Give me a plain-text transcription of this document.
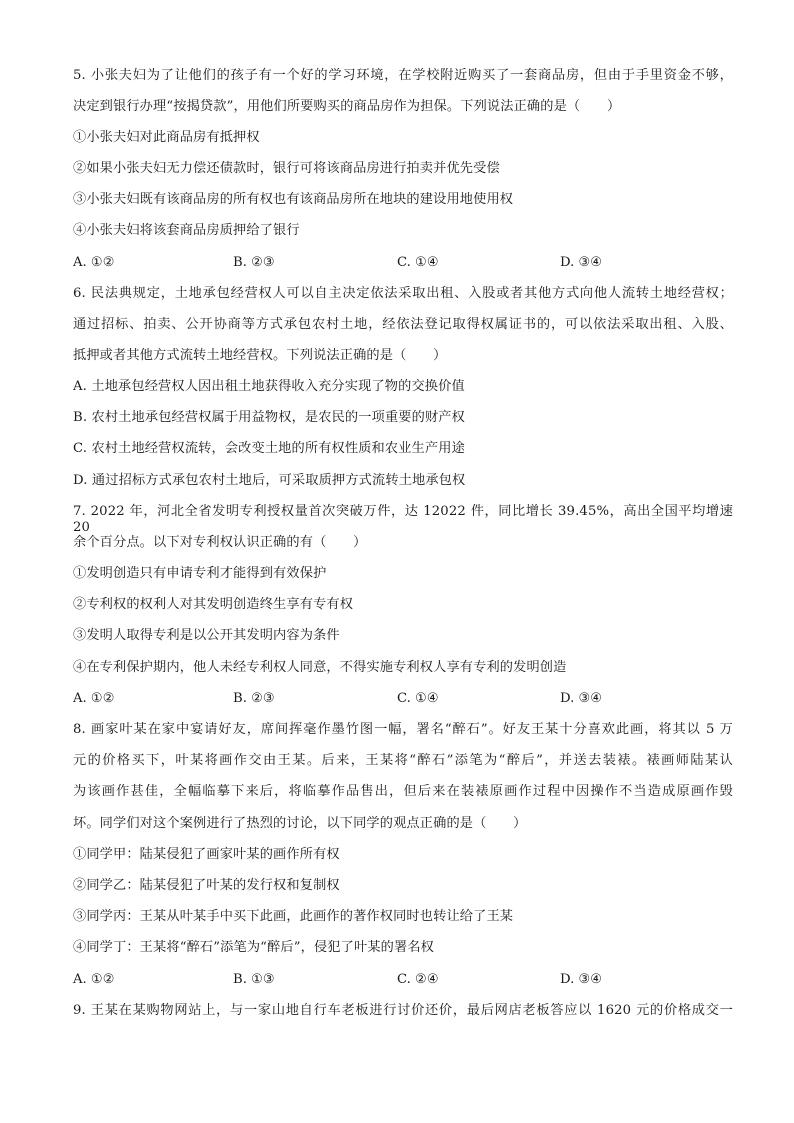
5. 小张夫妇为了让他们的孩子有一个好的学习环境，在学校附近购买了一套商品房，但由于手里资金不够，
决定到银行办理“按揭贷款”，用他们所要购买的商品房作为担保。下列说法正确的是（　　）
①小张夫妇对此商品房有抵押权
②如果小张夫妇无力偿还债款时，银行可将该商品房进行拍卖并优先受偿
③小张夫妇既有该商品房的所有权也有该商品房所在地块的建设用地使用权
④小张夫妇将该套商品房质押给了银行
A. ①②	B. ②③	C. ①④	D. ③④
6. 民法典规定，土地承包经营权人可以自主决定依法采取出租、入股或者其他方式向他人流转土地经营权；
通过招标、拍卖、公开协商等方式承包农村土地，经依法登记取得权属证书的，可以依法采取出租、入股、
抵押或者其他方式流转土地经营权。下列说法正确的是（　　）
A. 土地承包经营权人因出租土地获得收入充分实现了物的交换价值
B. 农村土地承包经营权属于用益物权，是农民的一项重要的财产权
C. 农村土地经营权流转，会改变土地的所有权性质和农业生产用途
D. 通过招标方式承包农村土地后，可采取质押方式流转土地承包权
7. 2022 年，河北全省发明专利授权量首次突破万件，达 12022 件，同比增长 39.45%，高出全国平均增速 20
余个百分点。以下对专利权认识正确的有（　　）
①发明创造只有申请专利才能得到有效保护
②专利权的权利人对其发明创造终生享有专有权
③发明人取得专利是以公开其发明内容为条件
④在专利保护期内，他人未经专利权人同意，不得实施专利权人享有专利的发明创造
A. ①②	B. ②③	C. ①④	D. ③④
8. 画家叶某在家中宴请好友，席间挥毫作墨竹图一幅，署名“醉石”。好友王某十分喜欢此画，将其以 5 万
元的价格买下，叶某将画作交由王某。后来，王某将“醉石”添笔为“醉后”，并送去装裱。裱画师陆某认
为该画作甚佳，全幅临摹下来后，将临摹作品售出，但后来在装裱原画作过程中因操作不当造成原画作毁
坏。同学们对这个案例进行了热烈的讨论，以下同学的观点正确的是（　　）
①同学甲：陆某侵犯了画家叶某的画作所有权
②同学乙：陆某侵犯了叶某的发行权和复制权
③同学丙：王某从叶某手中买下此画，此画作的著作权同时也转让给了王某
④同学丁：王某将“醉石”添笔为“醉后”，侵犯了叶某的署名权
A. ①②	B. ①③	C. ②④	D. ③④
9. 王某在某购物网站上，与一家山地自行车老板进行讨价还价，最后网店老板答应以 1620 元的价格成交一
